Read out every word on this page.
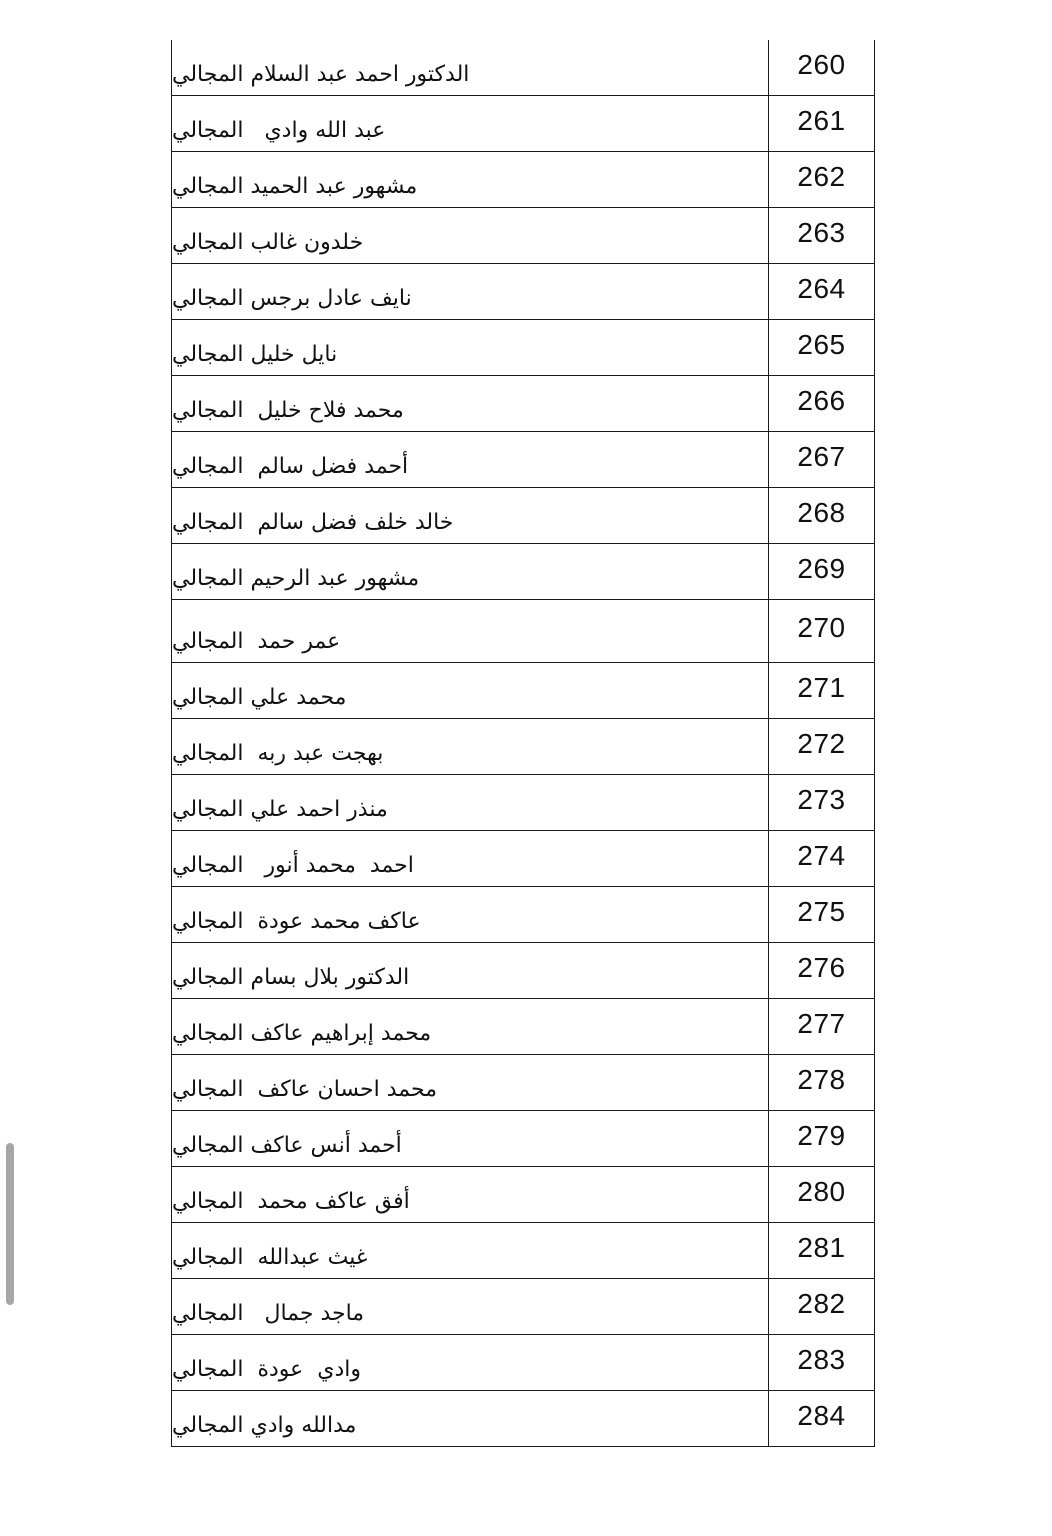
الدكتور احمد عبد السلام المجالي	260
عبد الله وادي   المجالي	261
مشهور عبد الحميد المجالي	262
خلدون غالب المجالي	263
نايف عادل برجس المجالي	264
نايل خليل المجالي	265
محمد فلاح خليل  المجالي	266
أحمد فضل سالم  المجالي	267
خالد خلف فضل سالم  المجالي	268
مشهور عبد الرحيم المجالي	269
عمر حمد  المجالي	270
محمد علي المجالي	271
بهجت عبد ربه  المجالي	272
منذر احمد علي المجالي	273
احمد  محمد أنور   المجالي	274
عاكف محمد عودة  المجالي	275
الدكتور بلال بسام المجالي	276
محمد إبراهيم عاكف المجالي	277
محمد احسان عاكف  المجالي	278
أحمد أنس عاكف المجالي	279
أفق عاكف محمد  المجالي	280
غيث عبدالله  المجالي	281
ماجد جمال   المجالي	282
وادي  عودة  المجالي	283
مدالله وادي المجالي	284
